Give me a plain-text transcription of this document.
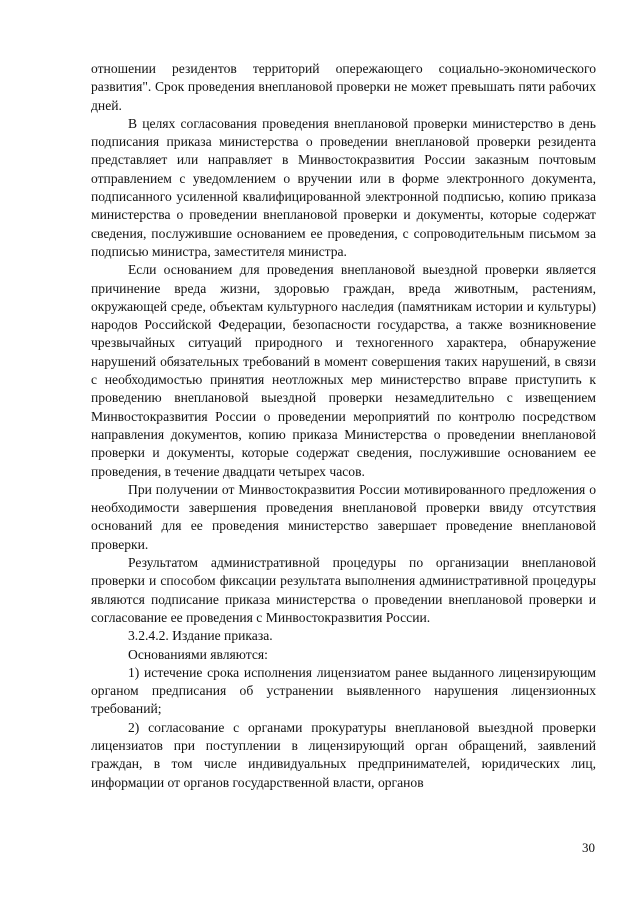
отношении резидентов территорий опережающего социально-экономического развития". Срок проведения внеплановой проверки не может превышать пяти рабочих дней.

В целях согласования проведения внеплановой проверки министерство в день подписания приказа министерства о проведении внеплановой проверки резидента представляет или направляет в Минвостокразвития России заказным почтовым отправлением с уведомлением о вручении или в форме электронного документа, подписанного усиленной квалифицированной электронной подписью, копию приказа министерства о проведении внеплановой проверки и документы, которые содержат сведения, послужившие основанием ее проведения, с сопроводительным письмом за подписью министра, заместителя министра.

Если основанием для проведения внеплановой выездной проверки является причинение вреда жизни, здоровью граждан, вреда животным, растениям, окружающей среде, объектам культурного наследия (памятникам истории и культуры) народов Российской Федерации, безопасности государства, а также возникновение чрезвычайных ситуаций природного и техногенного характера, обнаружение нарушений обязательных требований в момент совершения таких нарушений, в связи с необходимостью принятия неотложных мер министерство вправе приступить к проведению внеплановой выездной проверки незамедлительно с извещением Минвостокразвития России о проведении мероприятий по контролю посредством направления документов, копию приказа Министерства о проведении внеплановой проверки и документы, которые содержат сведения, послужившие основанием ее проведения, в течение двадцати четырех часов.

При получении от Минвостокразвития России мотивированного предложения о необходимости завершения проведения внеплановой проверки ввиду отсутствия оснований для ее проведения министерство завершает проведение внеплановой проверки.

Результатом административной процедуры по организации внеплановой проверки и способом фиксации результата выполнения административной процедуры являются подписание приказа министерства о проведении внеплановой проверки и согласование ее проведения с Минвостокразвития России.

3.2.4.2. Издание приказа.

Основаниями являются:

1) истечение срока исполнения лицензиатом ранее выданного лицензирующим органом предписания об устранении выявленного нарушения лицензионных требований;

2) согласование с органами прокуратуры внеплановой выездной проверки лицензиатов при поступлении в лицензирующий орган обращений, заявлений граждан, в том числе индивидуальных предпринимателей, юридических лиц, информации от органов государственной власти, органов

30
